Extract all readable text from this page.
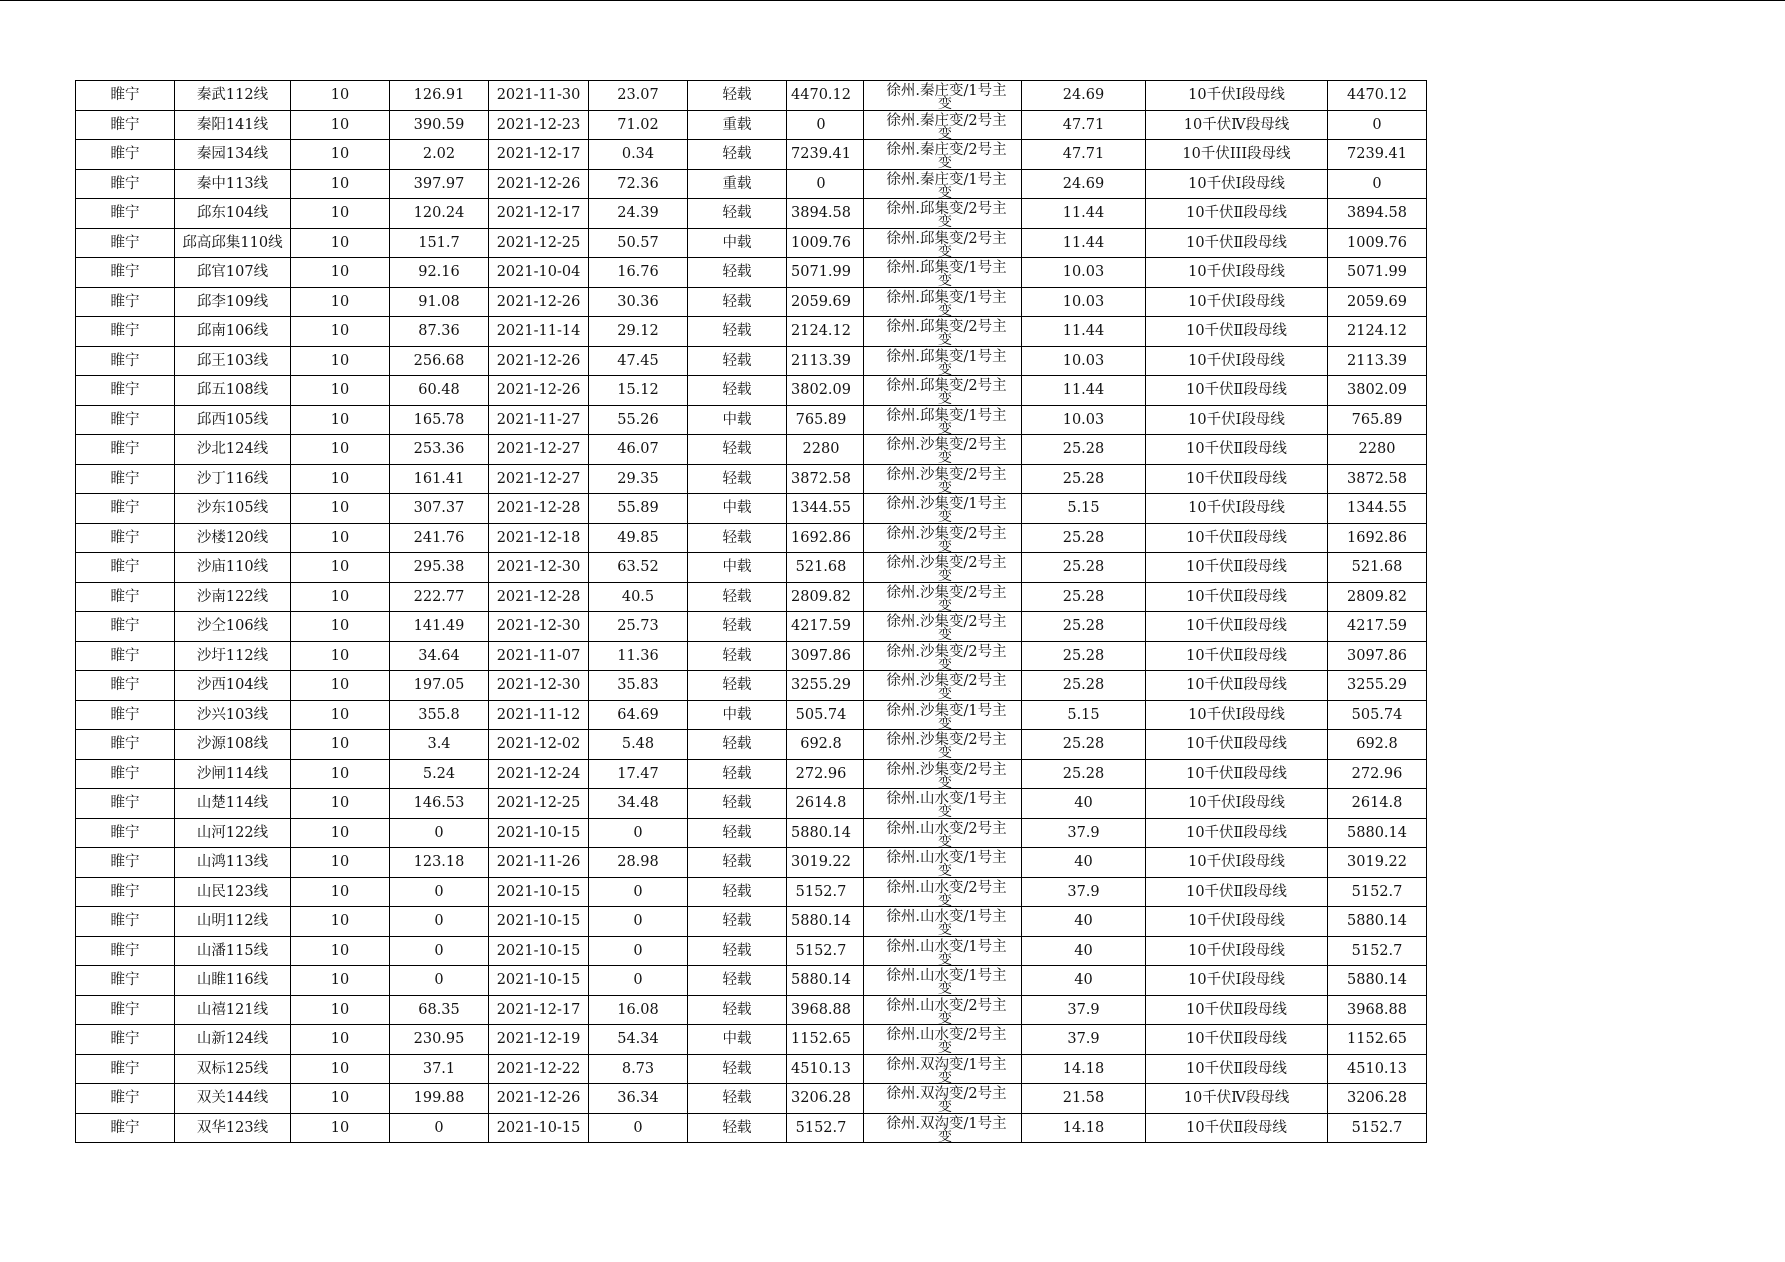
睢宁	秦武112线	10	126.91	2021-11-30	23.07	轻载	4470.12	徐州.秦庄变/1号主 变	24.69	10千伏Ⅰ段母线	4470.12
睢宁	秦阳141线	10	390.59	2021-12-23	71.02	重载	0	徐州.秦庄变/2号主 变	47.71	10千伏Ⅳ段母线	0
睢宁	秦园134线	10	2.02	2021-12-17	0.34	轻载	7239.41	徐州.秦庄变/2号主 变	47.71	10千伏III段母线	7239.41
睢宁	秦中113线	10	397.97	2021-12-26	72.36	重载	0	徐州.秦庄变/1号主 变	24.69	10千伏Ⅰ段母线	0
睢宁	邱东104线	10	120.24	2021-12-17	24.39	轻载	3894.58	徐州.邱集变/2号主 变	11.44	10千伏Ⅱ段母线	3894.58
睢宁	邱高邱集110线	10	151.7	2021-12-25	50.57	中载	1009.76	徐州.邱集变/2号主 变	11.44	10千伏Ⅱ段母线	1009.76
睢宁	邱官107线	10	92.16	2021-10-04	16.76	轻载	5071.99	徐州.邱集变/1号主 变	10.03	10千伏Ⅰ段母线	5071.99
睢宁	邱李109线	10	91.08	2021-12-26	30.36	轻载	2059.69	徐州.邱集变/1号主 变	10.03	10千伏Ⅰ段母线	2059.69
睢宁	邱南106线	10	87.36	2021-11-14	29.12	轻载	2124.12	徐州.邱集变/2号主 变	11.44	10千伏Ⅱ段母线	2124.12
睢宁	邱王103线	10	256.68	2021-12-26	47.45	轻载	2113.39	徐州.邱集变/1号主 变	10.03	10千伏Ⅰ段母线	2113.39
睢宁	邱五108线	10	60.48	2021-12-26	15.12	轻载	3802.09	徐州.邱集变/2号主 变	11.44	10千伏Ⅱ段母线	3802.09
睢宁	邱西105线	10	165.78	2021-11-27	55.26	中载	765.89	徐州.邱集变/1号主 变	10.03	10千伏Ⅰ段母线	765.89
睢宁	沙北124线	10	253.36	2021-12-27	46.07	轻载	2280	徐州.沙集变/2号主 变	25.28	10千伏Ⅱ段母线	2280
睢宁	沙丁116线	10	161.41	2021-12-27	29.35	轻载	3872.58	徐州.沙集变/2号主 变	25.28	10千伏Ⅱ段母线	3872.58
睢宁	沙东105线	10	307.37	2021-12-28	55.89	中载	1344.55	徐州.沙集变/1号主 变	5.15	10千伏Ⅰ段母线	1344.55
睢宁	沙楼120线	10	241.76	2021-12-18	49.85	轻载	1692.86	徐州.沙集变/2号主 变	25.28	10千伏Ⅱ段母线	1692.86
睢宁	沙庙110线	10	295.38	2021-12-30	63.52	中载	521.68	徐州.沙集变/2号主 变	25.28	10千伏Ⅱ段母线	521.68
睢宁	沙南122线	10	222.77	2021-12-28	40.5	轻载	2809.82	徐州.沙集变/2号主 变	25.28	10千伏Ⅱ段母线	2809.82
睢宁	沙仝106线	10	141.49	2021-12-30	25.73	轻载	4217.59	徐州.沙集变/2号主 变	25.28	10千伏Ⅱ段母线	4217.59
睢宁	沙圩112线	10	34.64	2021-11-07	11.36	轻载	3097.86	徐州.沙集变/2号主 变	25.28	10千伏Ⅱ段母线	3097.86
睢宁	沙西104线	10	197.05	2021-12-30	35.83	轻载	3255.29	徐州.沙集变/2号主 变	25.28	10千伏Ⅱ段母线	3255.29
睢宁	沙兴103线	10	355.8	2021-11-12	64.69	中载	505.74	徐州.沙集变/1号主 变	5.15	10千伏Ⅰ段母线	505.74
睢宁	沙源108线	10	3.4	2021-12-02	5.48	轻载	692.8	徐州.沙集变/2号主 变	25.28	10千伏Ⅱ段母线	692.8
睢宁	沙闸114线	10	5.24	2021-12-24	17.47	轻载	272.96	徐州.沙集变/2号主 变	25.28	10千伏Ⅱ段母线	272.96
睢宁	山楚114线	10	146.53	2021-12-25	34.48	轻载	2614.8	徐州.山水变/1号主 变	40	10千伏Ⅰ段母线	2614.8
睢宁	山河122线	10	0	2021-10-15	0	轻载	5880.14	徐州.山水变/2号主 变	37.9	10千伏Ⅱ段母线	5880.14
睢宁	山鸿113线	10	123.18	2021-11-26	28.98	轻载	3019.22	徐州.山水变/1号主 变	40	10千伏Ⅰ段母线	3019.22
睢宁	山民123线	10	0	2021-10-15	0	轻载	5152.7	徐州.山水变/2号主 变	37.9	10千伏Ⅱ段母线	5152.7
睢宁	山明112线	10	0	2021-10-15	0	轻载	5880.14	徐州.山水变/1号主 变	40	10千伏Ⅰ段母线	5880.14
睢宁	山潘115线	10	0	2021-10-15	0	轻载	5152.7	徐州.山水变/1号主 变	40	10千伏Ⅰ段母线	5152.7
睢宁	山睢116线	10	0	2021-10-15	0	轻载	5880.14	徐州.山水变/1号主 变	40	10千伏Ⅰ段母线	5880.14
睢宁	山禧121线	10	68.35	2021-12-17	16.08	轻载	3968.88	徐州.山水变/2号主 变	37.9	10千伏Ⅱ段母线	3968.88
睢宁	山新124线	10	230.95	2021-12-19	54.34	中载	1152.65	徐州.山水变/2号主 变	37.9	10千伏Ⅱ段母线	1152.65
睢宁	双标125线	10	37.1	2021-12-22	8.73	轻载	4510.13	徐州.双沟变/1号主 变	14.18	10千伏Ⅱ段母线	4510.13
睢宁	双关144线	10	199.88	2021-12-26	36.34	轻载	3206.28	徐州.双沟变/2号主 变	21.58	10千伏Ⅳ段母线	3206.28
睢宁	双华123线	10	0	2021-10-15	0	轻载	5152.7	徐州.双沟变/1号主 变	14.18	10千伏Ⅱ段母线	5152.7
